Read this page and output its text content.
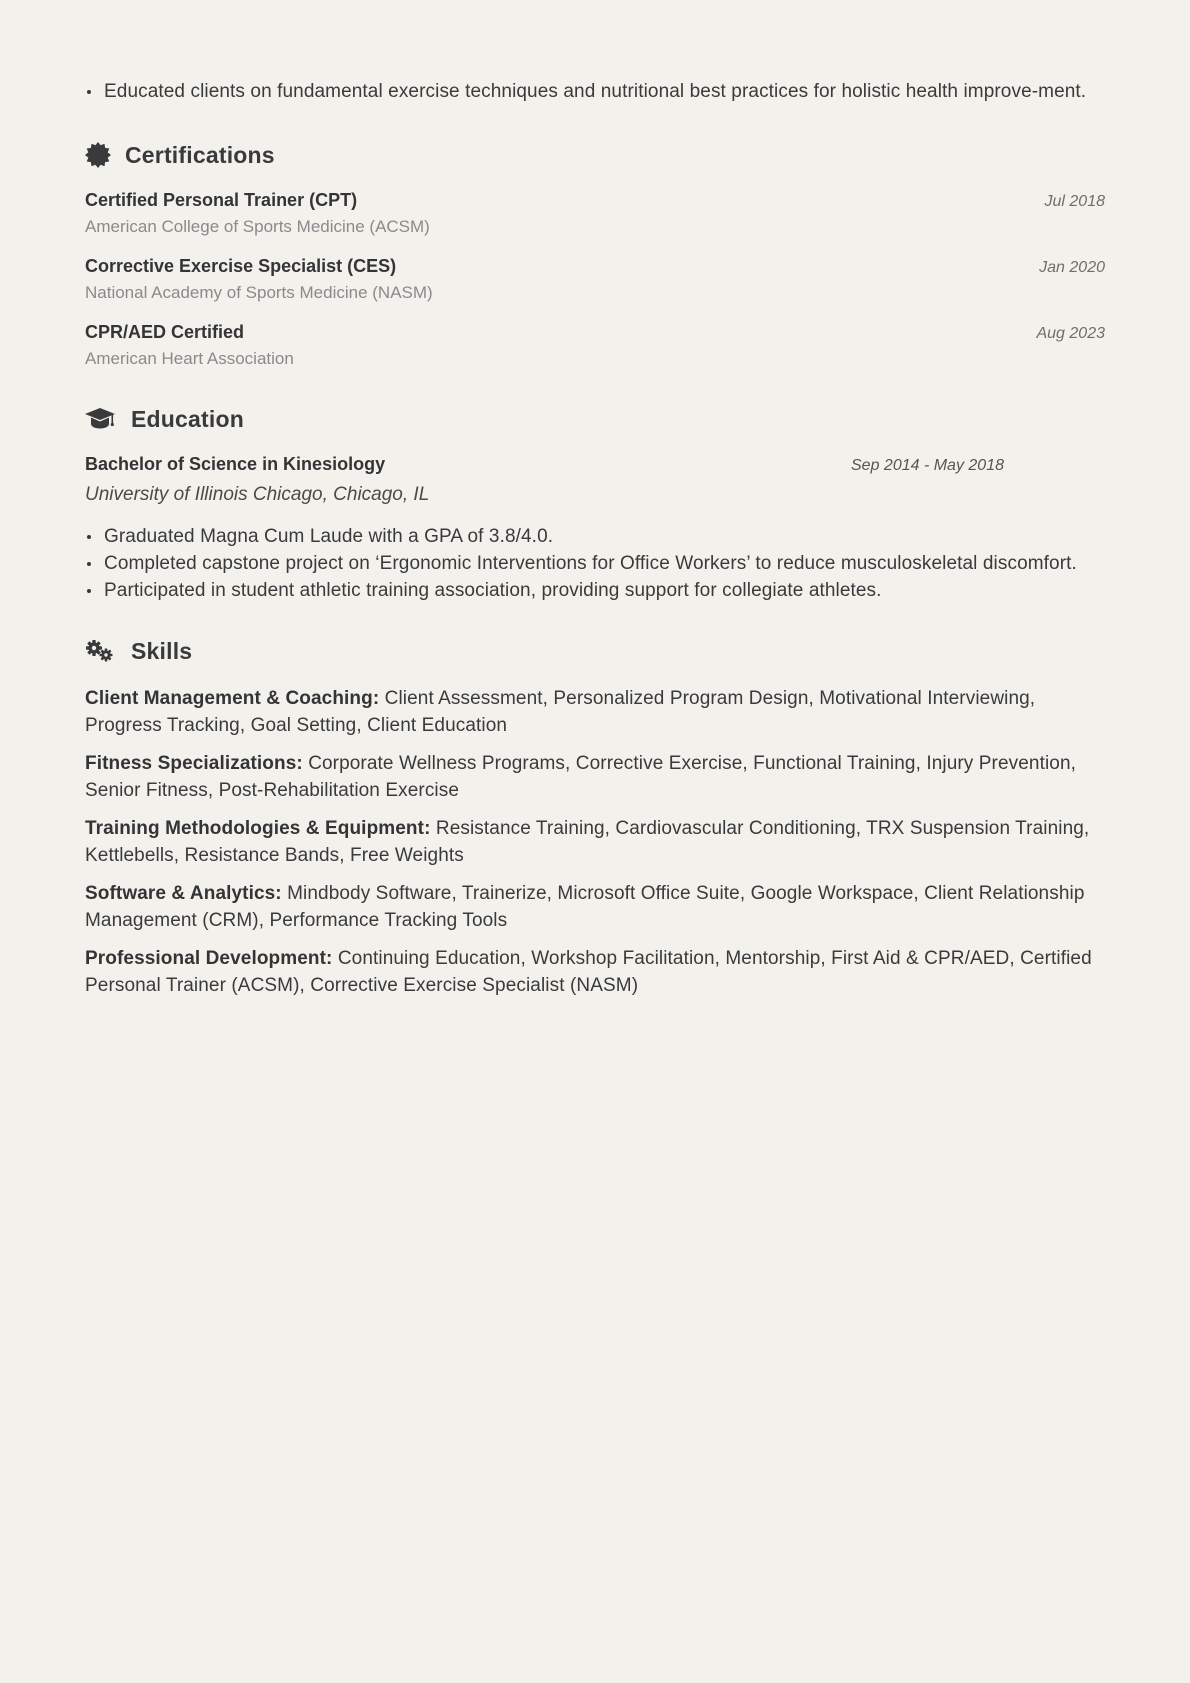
Educated clients on fundamental exercise techniques and nutritional best practices for holistic health improve-ment.
Certifications
Certified Personal Trainer (CPT)	Jul 2018
American College of Sports Medicine (ACSM)
Corrective Exercise Specialist (CES)	Jan 2020
National Academy of Sports Medicine (NASM)
CPR/AED Certified	Aug 2023
American Heart Association
Education
Bachelor of Science in Kinesiology	Sep 2014 - May 2018
University of Illinois Chicago, Chicago, IL
Graduated Magna Cum Laude with a GPA of 3.8/4.0.
Completed capstone project on ‘Ergonomic Interventions for Office Workers’ to reduce musculoskeletal discomfort.
Participated in student athletic training association, providing support for collegiate athletes.
Skills
Client Management & Coaching: Client Assessment, Personalized Program Design, Motivational Interviewing, Progress Tracking, Goal Setting, Client Education
Fitness Specializations: Corporate Wellness Programs, Corrective Exercise, Functional Training, Injury Prevention, Senior Fitness, Post-Rehabilitation Exercise
Training Methodologies & Equipment: Resistance Training, Cardiovascular Conditioning, TRX Suspension Training, Kettlebells, Resistance Bands, Free Weights
Software & Analytics: Mindbody Software, Trainerize, Microsoft Office Suite, Google Workspace, Client Relationship Management (CRM), Performance Tracking Tools
Professional Development: Continuing Education, Workshop Facilitation, Mentorship, First Aid & CPR/AED, Certified Personal Trainer (ACSM), Corrective Exercise Specialist (NASM)
